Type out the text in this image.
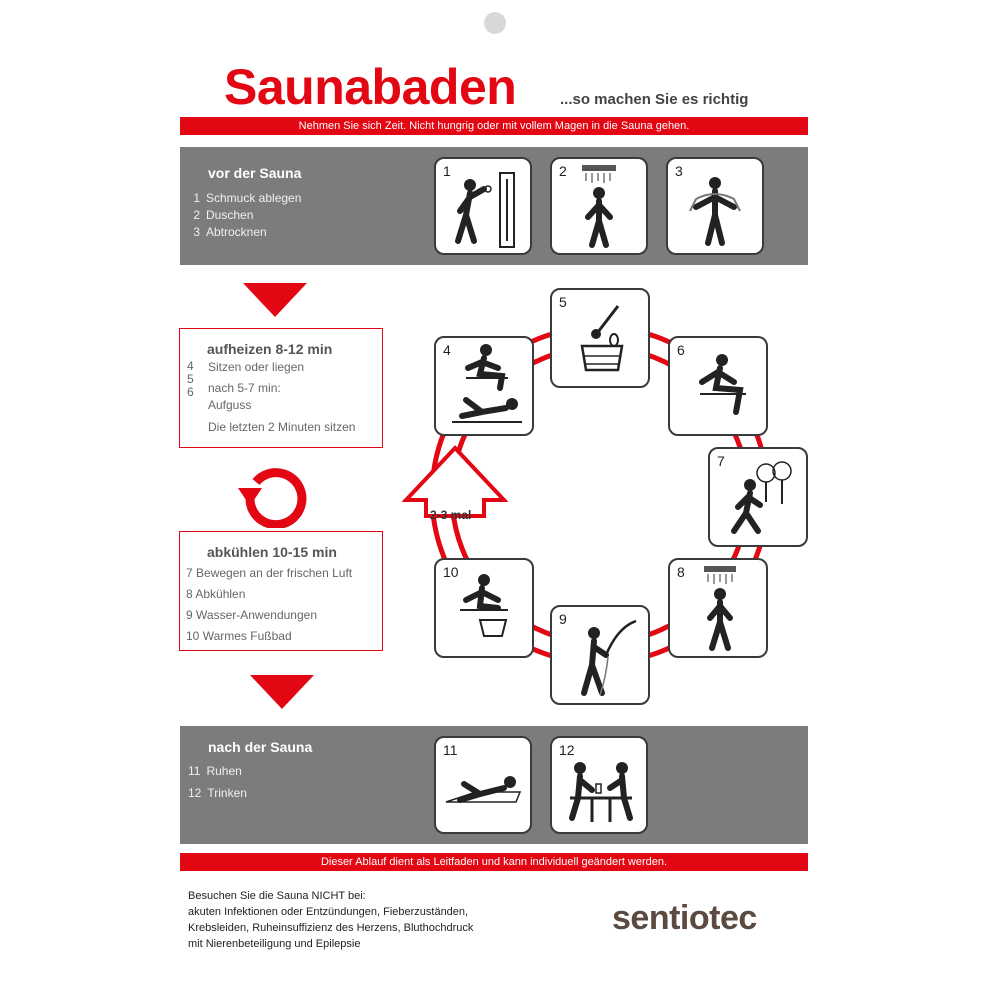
Saunabaden	...so machen Sie es richtig
Nehmen Sie sich Zeit. Nicht hungrig oder mit vollem Magen in die Sauna gehen.
vor der Sauna
1 Schmuck ablegen
2 Duschen
3 Abtrocknen
1	2	3
aufheizen 8-12 min
4
5
6
Sitzen oder liegen
nach 5-7 min:
Aufguss
Die letzten 2 Minuten sitzen
abkühlen 10-15 min
7 Bewegen an der frischen Luft
8 Abkühlen
9 Wasser-Anwendungen
10 Warmes Fußbad
2-3 mal
5
4	6
7
10	8
9
nach der Sauna
11 Ruhen
12 Trinken
11	12
Dieser Ablauf dient als Leitfaden und kann individuell geändert werden.
Besuchen Sie die Sauna NICHT bei:
akuten Infektionen oder Entzündungen, Fieberzuständen,
Krebsleiden, Ruheinsuffizienz des Herzens, Bluthochdruck
mit Nierenbeteiligung und Epilepsie
sentiotec
